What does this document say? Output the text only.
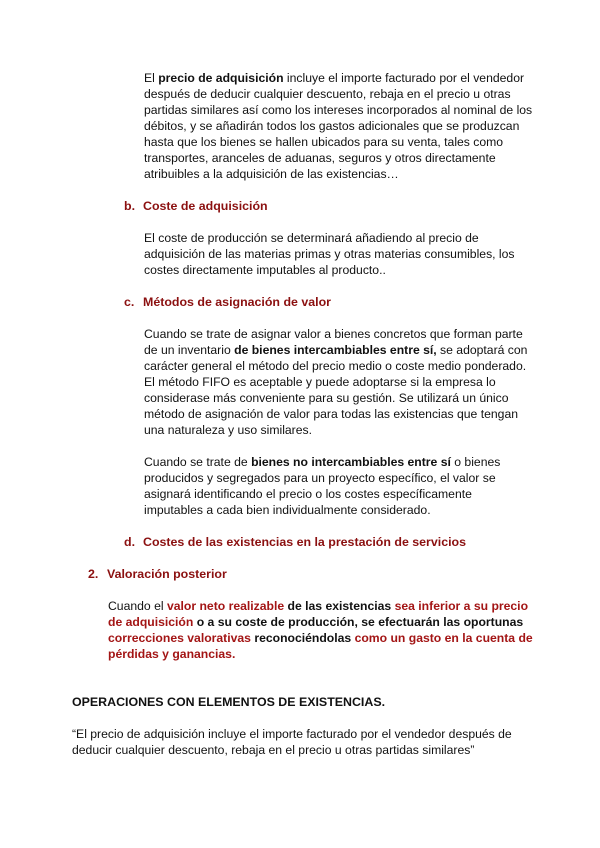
El precio de adquisición incluye el importe facturado por el vendedor después de deducir cualquier descuento, rebaja en el precio u otras partidas similares así como los intereses incorporados al nominal de los débitos, y se añadirán todos los gastos adicionales que se produzcan hasta que los bienes se hallen ubicados para su venta, tales como transportes, aranceles de aduanas, seguros y otros directamente atribuibles a la adquisición de las existencias…

b. Coste de adquisición

El coste de producción se determinará añadiendo al precio de adquisición de las materias primas y otras materias consumibles, los costes directamente imputables al producto..

c. Métodos de asignación de valor

Cuando se trate de asignar valor a bienes concretos que forman parte de un inventario de bienes intercambiables entre sí, se adoptará con carácter general el método del precio medio o coste medio ponderado. El método FIFO es aceptable y puede adoptarse si la empresa lo considerase más conveniente para su gestión. Se utilizará un único método de asignación de valor para todas las existencias que tengan una naturaleza y uso similares.

Cuando se trate de bienes no intercambiables entre sí o bienes producidos y segregados para un proyecto específico, el valor se asignará identificando el precio o los costes específicamente imputables a cada bien individualmente considerado.

d. Costes de las existencias en la prestación de servicios

2. Valoración posterior

Cuando el valor neto realizable de las existencias sea inferior a su precio de adquisición o a su coste de producción, se efectuarán las oportunas correcciones valorativas reconociéndolas como un gasto en la cuenta de pérdidas y ganancias.

OPERACIONES CON ELEMENTOS DE EXISTENCIAS.

“El precio de adquisición incluye el importe facturado por el vendedor después de deducir cualquier descuento, rebaja en el precio u otras partidas similares”
